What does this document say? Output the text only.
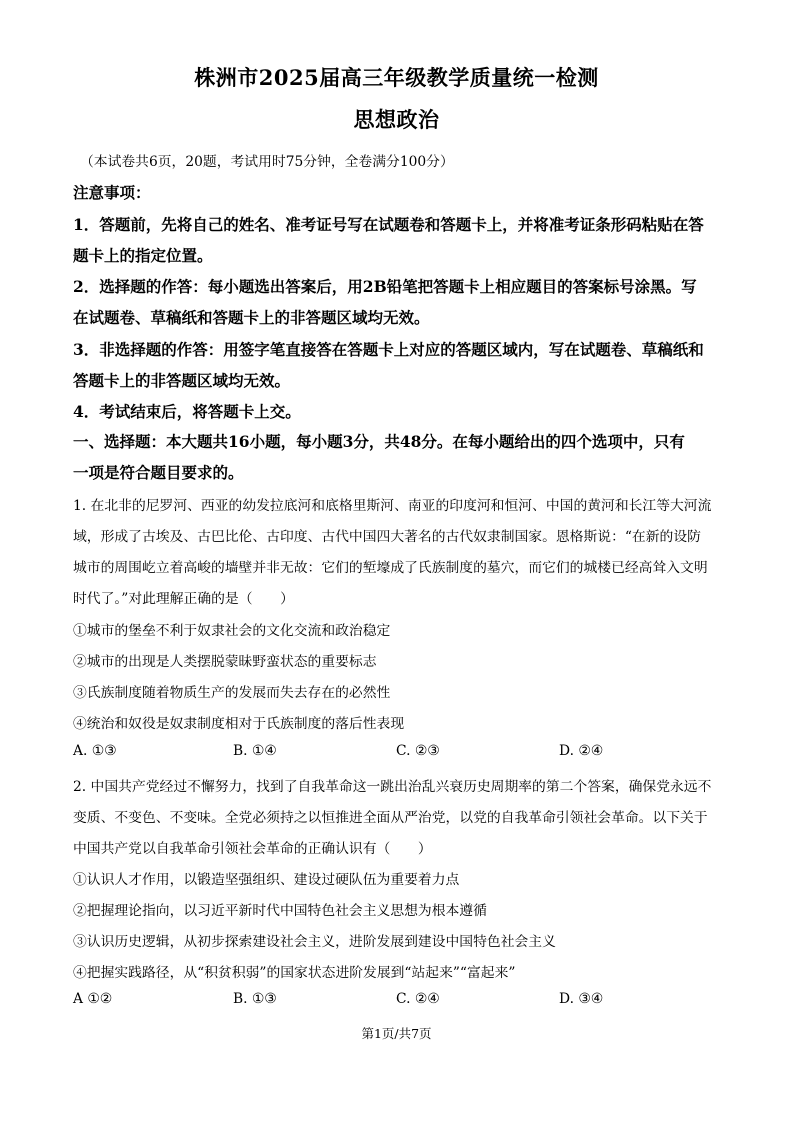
株洲市2025届高三年级教学质量统一检测
思想政治
（本试卷共6页，20题，考试用时75分钟，全卷满分100分）
注意事项：
1．答题前，先将自己的姓名、准考证号写在试题卷和答题卡上，并将准考证条形码粘贴在答
题卡上的指定位置。
2．选择题的作答：每小题选出答案后，用2B铅笔把答题卡上相应题目的答案标号涂黑。写
在试题卷、草稿纸和答题卡上的非答题区域均无效。
3．非选择题的作答：用签字笔直接答在答题卡上对应的答题区域内，写在试题卷、草稿纸和
答题卡上的非答题区域均无效。
4．考试结束后，将答题卡上交。
一、选择题：本大题共16小题，每小题3分，共48分。在每小题给出的四个选项中，只有
一项是符合题目要求的。
1. 在北非的尼罗河、西亚的幼发拉底河和底格里斯河、南亚的印度河和恒河、中国的黄河和长江等大河流
域，形成了古埃及、古巴比伦、古印度、古代中国四大著名的古代奴隶制国家。恩格斯说：“在新的设防
城市的周围屹立着高峻的墙壁并非无故：它们的堑壕成了氏族制度的墓穴，而它们的城楼已经高耸入文明
时代了。”对此理解正确的是（　　）
①城市的堡垒不利于奴隶社会的文化交流和政治稳定
②城市的出现是人类摆脱蒙昧野蛮状态的重要标志
③氏族制度随着物质生产的发展而失去存在的必然性
④统治和奴役是奴隶制度相对于氏族制度的落后性表现
A. ①③	B. ①④	C. ②③	D. ②④
2. 中国共产党经过不懈努力，找到了自我革命这一跳出治乱兴衰历史周期率的第二个答案，确保党永远不
变质、不变色、不变味。全党必须持之以恒推进全面从严治党，以党的自我革命引领社会革命。以下关于
中国共产党以自我革命引领社会革命的正确认识有（　　）
①认识人才作用，以锻造坚强组织、建设过硬队伍为重要着力点
②把握理论指向，以习近平新时代中国特色社会主义思想为根本遵循
③认识历史逻辑，从初步探索建设社会主义，进阶发展到建设中国特色社会主义
④把握实践路径，从“积贫积弱”的国家状态进阶发展到“站起来”“富起来”
A ①②	B. ①③	C. ②④	D. ③④
第1页/共7页
